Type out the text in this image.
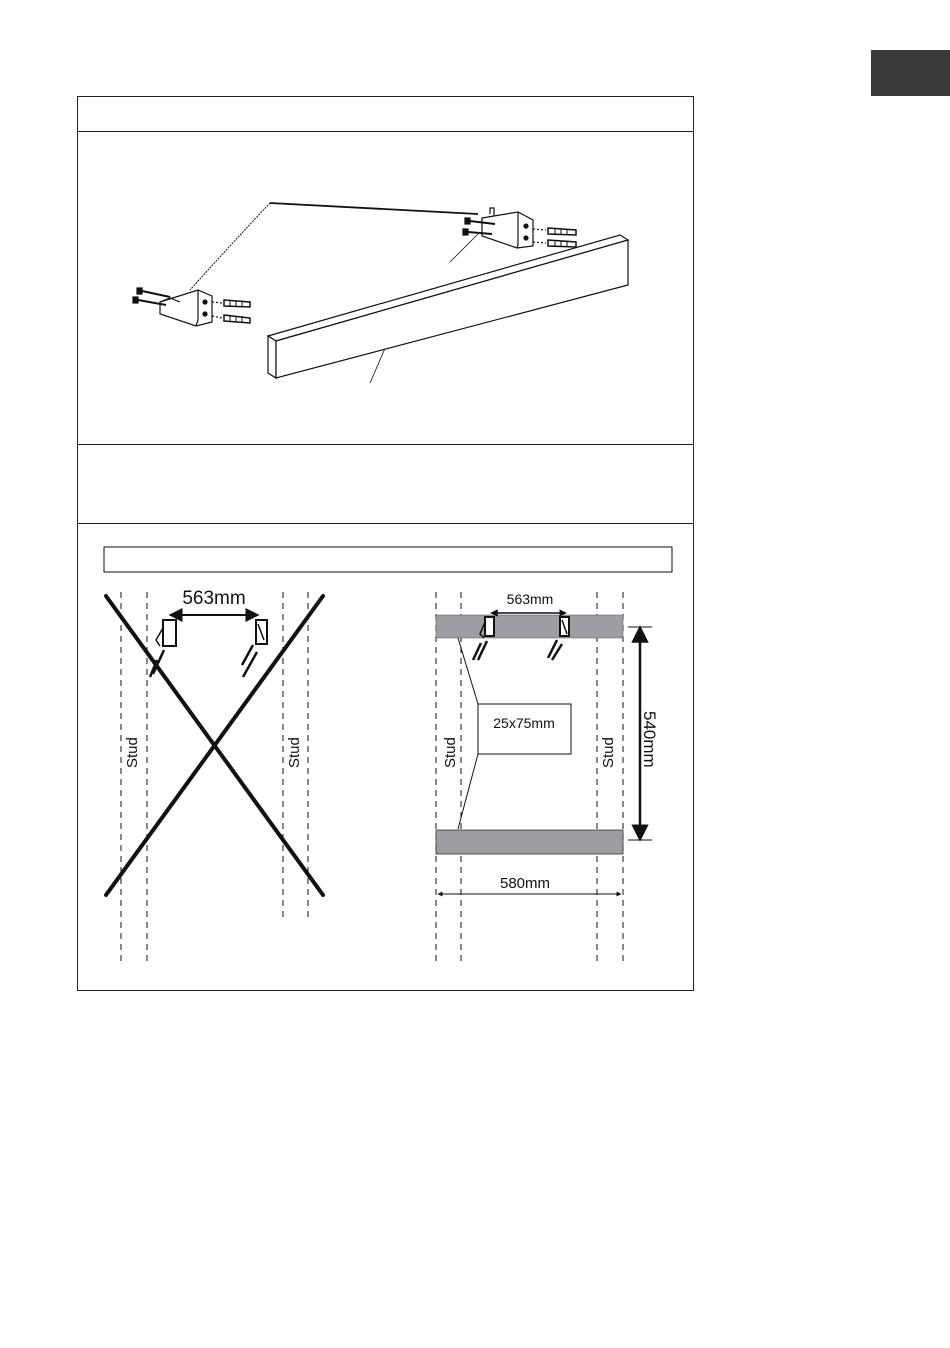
563mm
Stud	Stud
563mm
25x75mm	540mm
580mm
Stud	Stud
